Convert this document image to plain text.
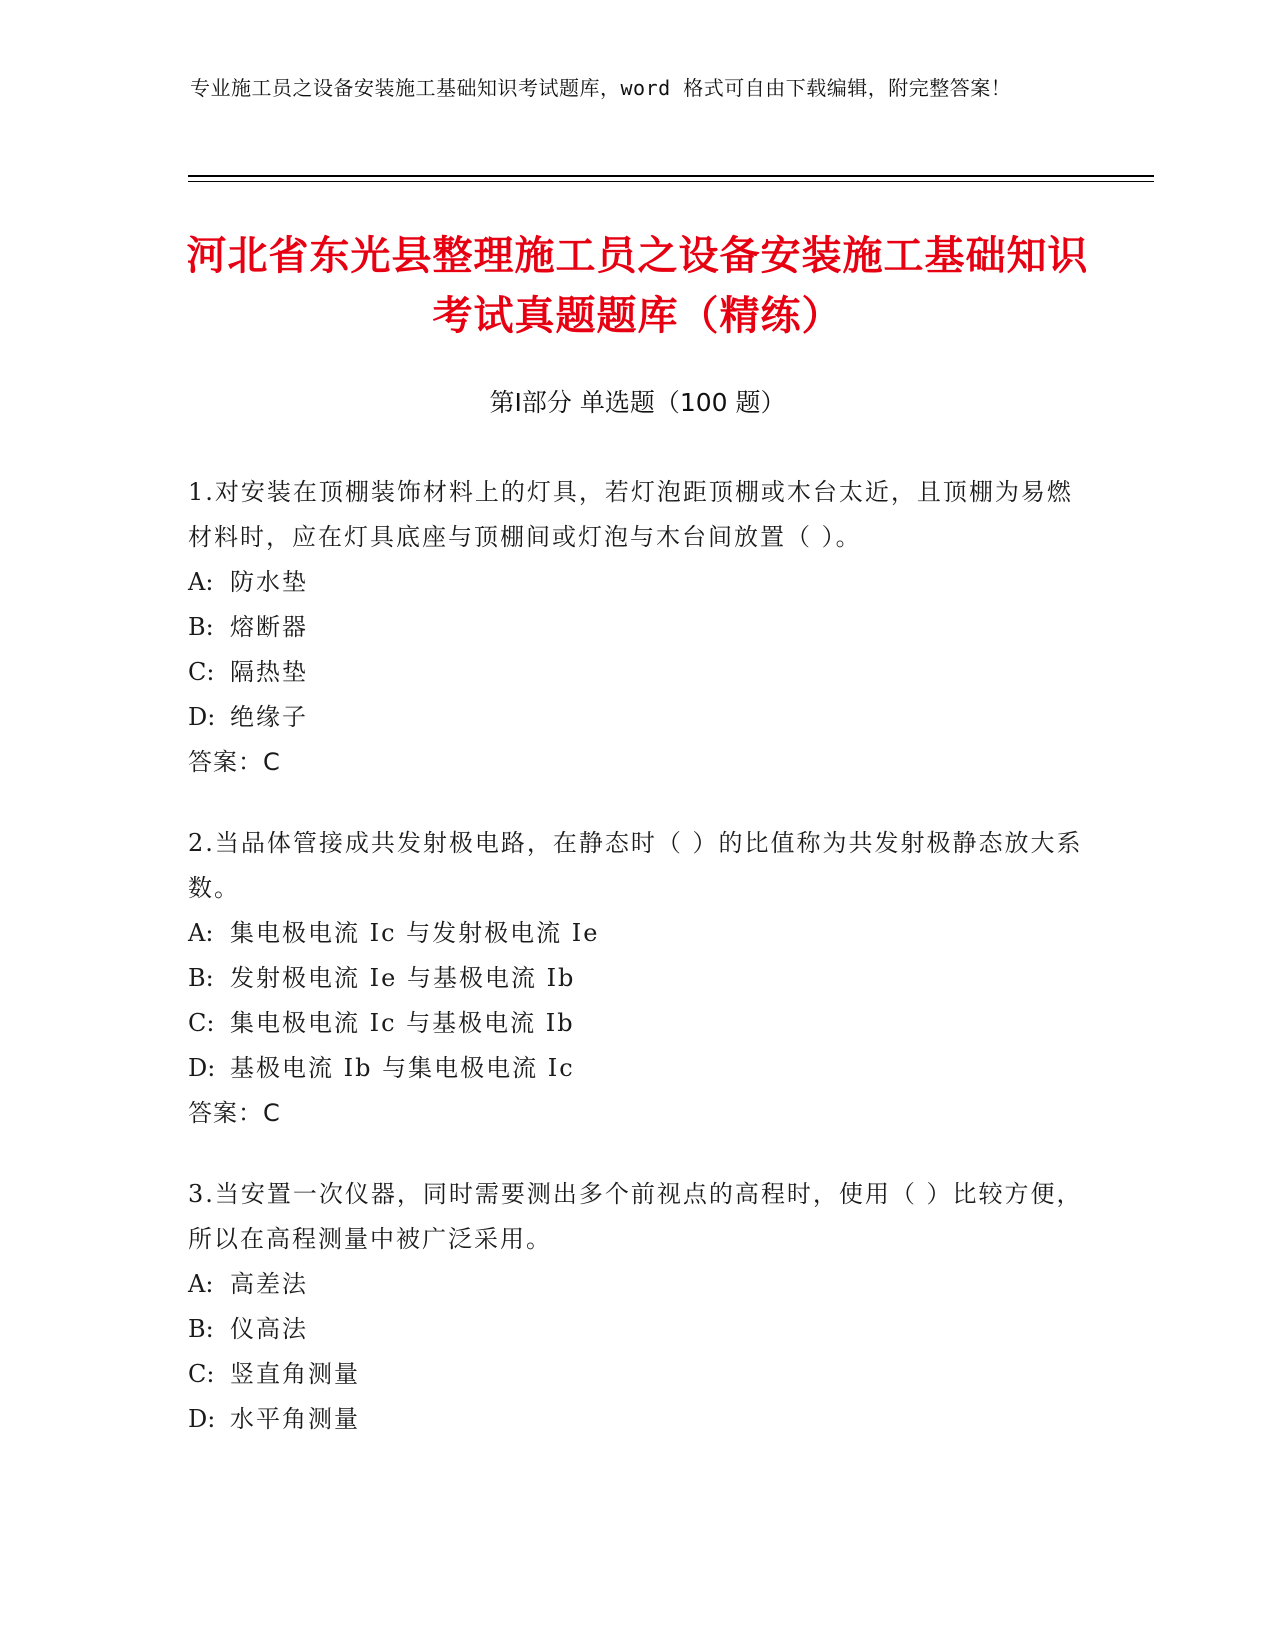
专业施工员之设备安装施工基础知识考试题库，word 格式可自由下载编辑，附完整答案！
河北省东光县整理施工员之设备安装施工基础知识考试真题题库（精练）
第Ⅰ部分 单选题（100 题）

1.对安装在顶棚装饰材料上的灯具，若灯泡距顶棚或木台太近，且顶棚为易燃材料时，应在灯具底座与顶棚间或灯泡与木台间放置（ ）。

A: 防水垫

B: 熔断器

C: 隔热垫

D: 绝缘子

答案：C

2.当品体管接成共发射极电路，在静态时（ ）的比值称为共发射极静态放大系数。

A: 集电极电流 Ic 与发射极电流 Ie

B: 发射极电流 Ie 与基极电流 Ib

C: 集电极电流 Ic 与基极电流 Ib

D: 基极电流 Ib 与集电极电流 Ic

答案：C

3.当安置一次仪器，同时需要测出多个前视点的高程时，使用（ ）比较方便，所以在高程测量中被广泛采用。

A: 高差法

B: 仪高法

C: 竖直角测量

D: 水平角测量
